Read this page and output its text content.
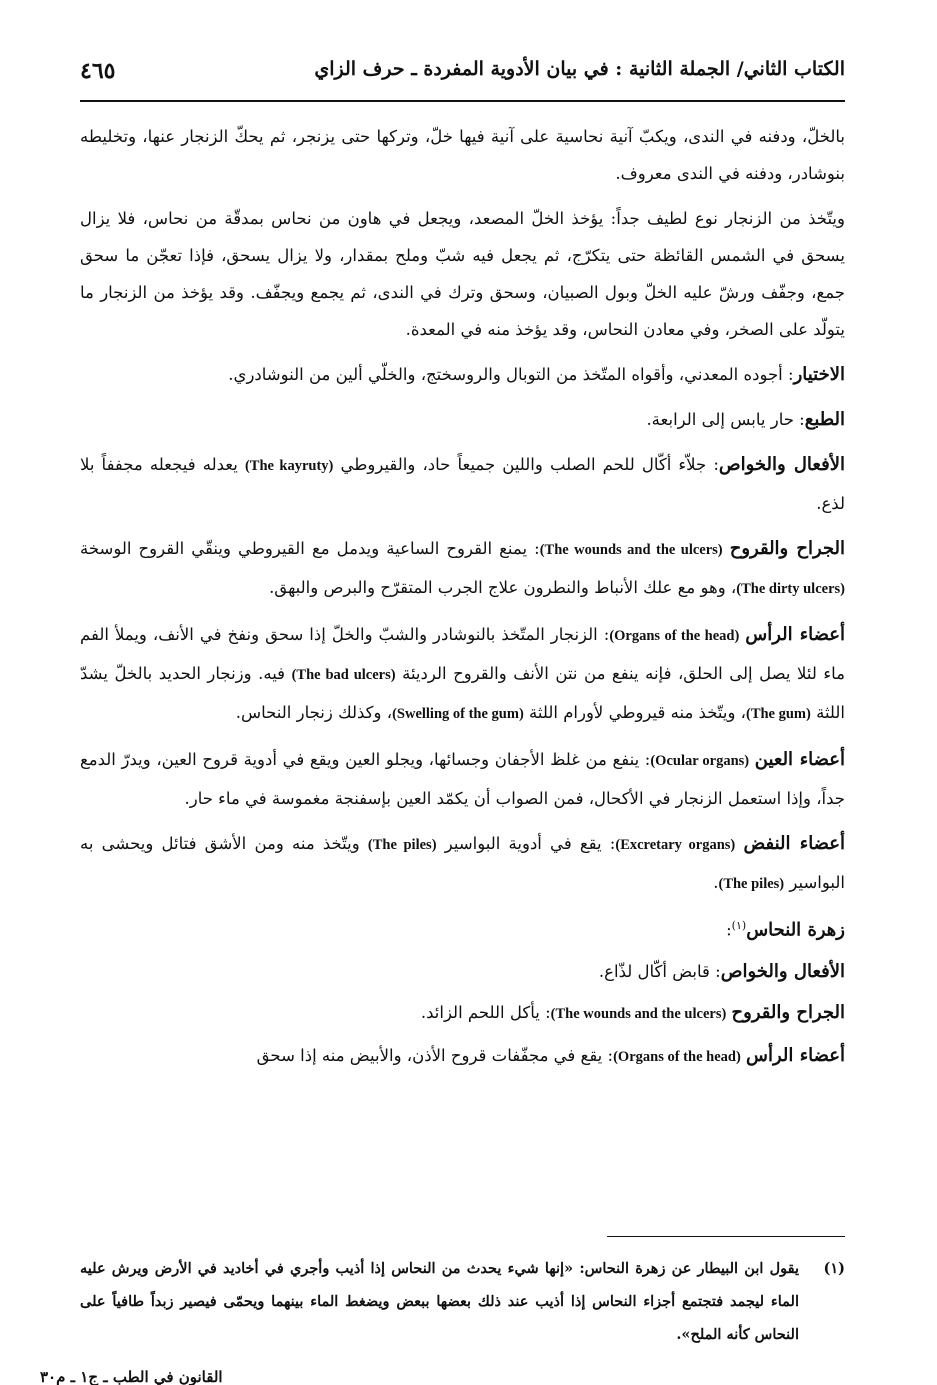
٤٦٥	الكتاب الثاني/ الجملة الثانية : في بيان الأدوية المفردة ـ حرف الزاي

بالخلّ، ودفنه في الندى، ويكبّ آنية نحاسية على آنية فيها خلّ، وتركها حتى يزنجر، ثم يحكّ الزنجار عنها، وتخليطه بنوشادر، ودفنه في الندى معروف.

ويتّخذ من الزنجار نوع لطيف جداً: يؤخذ الخلّ المصعد، ويجعل في هاون من نحاس بمدقّة من نحاس، فلا يزال يسحق في الشمس القائظة حتى يتكرّج، ثم يجعل فيه شبّ وملح بمقدار، ولا يزال يسحق، فإذا تعجّن ما سحق جمع، وجفّف ورشّ عليه الخلّ وبول الصبيان، وسحق وترك في الندى، ثم يجمع ويجفّف. وقد يؤخذ من الزنجار ما يتولّد على الصخر، وفي معادن النحاس، وقد يؤخذ منه في المعدة.

الاختيار: أجوده المعدني، وأقواه المتّخذ من التوبال والروسختج، والخلّي ألين من النوشادري.

الطبع: حار يابس إلى الرابعة.

الأفعال والخواص: جلاّء أكّال للحم الصلب واللين جميعاً حاد، والقيروطي (The kayruty) يعدله فيجعله مجففاً بلا لذع.

الجراح والقروح (The wounds and the ulcers): يمنع القروح الساعية ويدمل مع القيروطي وينقّي القروح الوسخة (The dirty ulcers)، وهو مع علك الأنباط والنطرون علاج الجرب المتقرّح والبرص والبهق.

أعضاء الرأس (Organs of the head): الزنجار المتّخذ بالنوشادر والشبّ والخلّ إذا سحق ونفخ في الأنف، ويملأ الفم ماء لئلا يصل إلى الحلق، فإنه ينفع من نتن الأنف والقروح الرديئة (The bad ulcers) فيه. وزنجار الحديد بالخلّ يشدّ اللثة (The gum)، ويتّخذ منه قيروطي لأورام اللثة (Swelling of the gum)، وكذلك زنجار النحاس.

أعضاء العين (Ocular organs): ينفع من غلظ الأجفان وجسائها، ويجلو العين ويقع في أدوية قروح العين، ويدرّ الدمع جداً، وإذا استعمل الزنجار في الأكحال، فمن الصواب أن يكمّد العين بإسفنجة مغموسة في ماء حار.

أعضاء النفض (Excretary organs): يقع في أدوية البواسير (The piles) ويتّخذ منه ومن الأشق فتائل ويحشى به البواسير (The piles).

زهرة النحاس$^{(١)}$:

الأفعال والخواص: قابض أكّال لذّاع.

الجراح والقروح (The wounds and the ulcers): يأكل اللحم الزائد.

أعضاء الرأس (Organs of the head): يقع في مجفّفات قروح الأذن، والأبيض منه إذا سحق

(١)
يقول ابن البيطار عن زهرة النحاس: «إنها شيء يحدث من النحاس إذا أذيب وأجري في أخاديد في الأرض ويرش عليه الماء ليجمد فتجتمع أجزاء النحاس إذا أذيب عند ذلك بعضها ببعض ويضغط الماء بينهما ويحمّى فيصير زبداً طافياً على النحاس كأنه الملح».
القانون في الطب ـ ج١ ـ م٣٠
